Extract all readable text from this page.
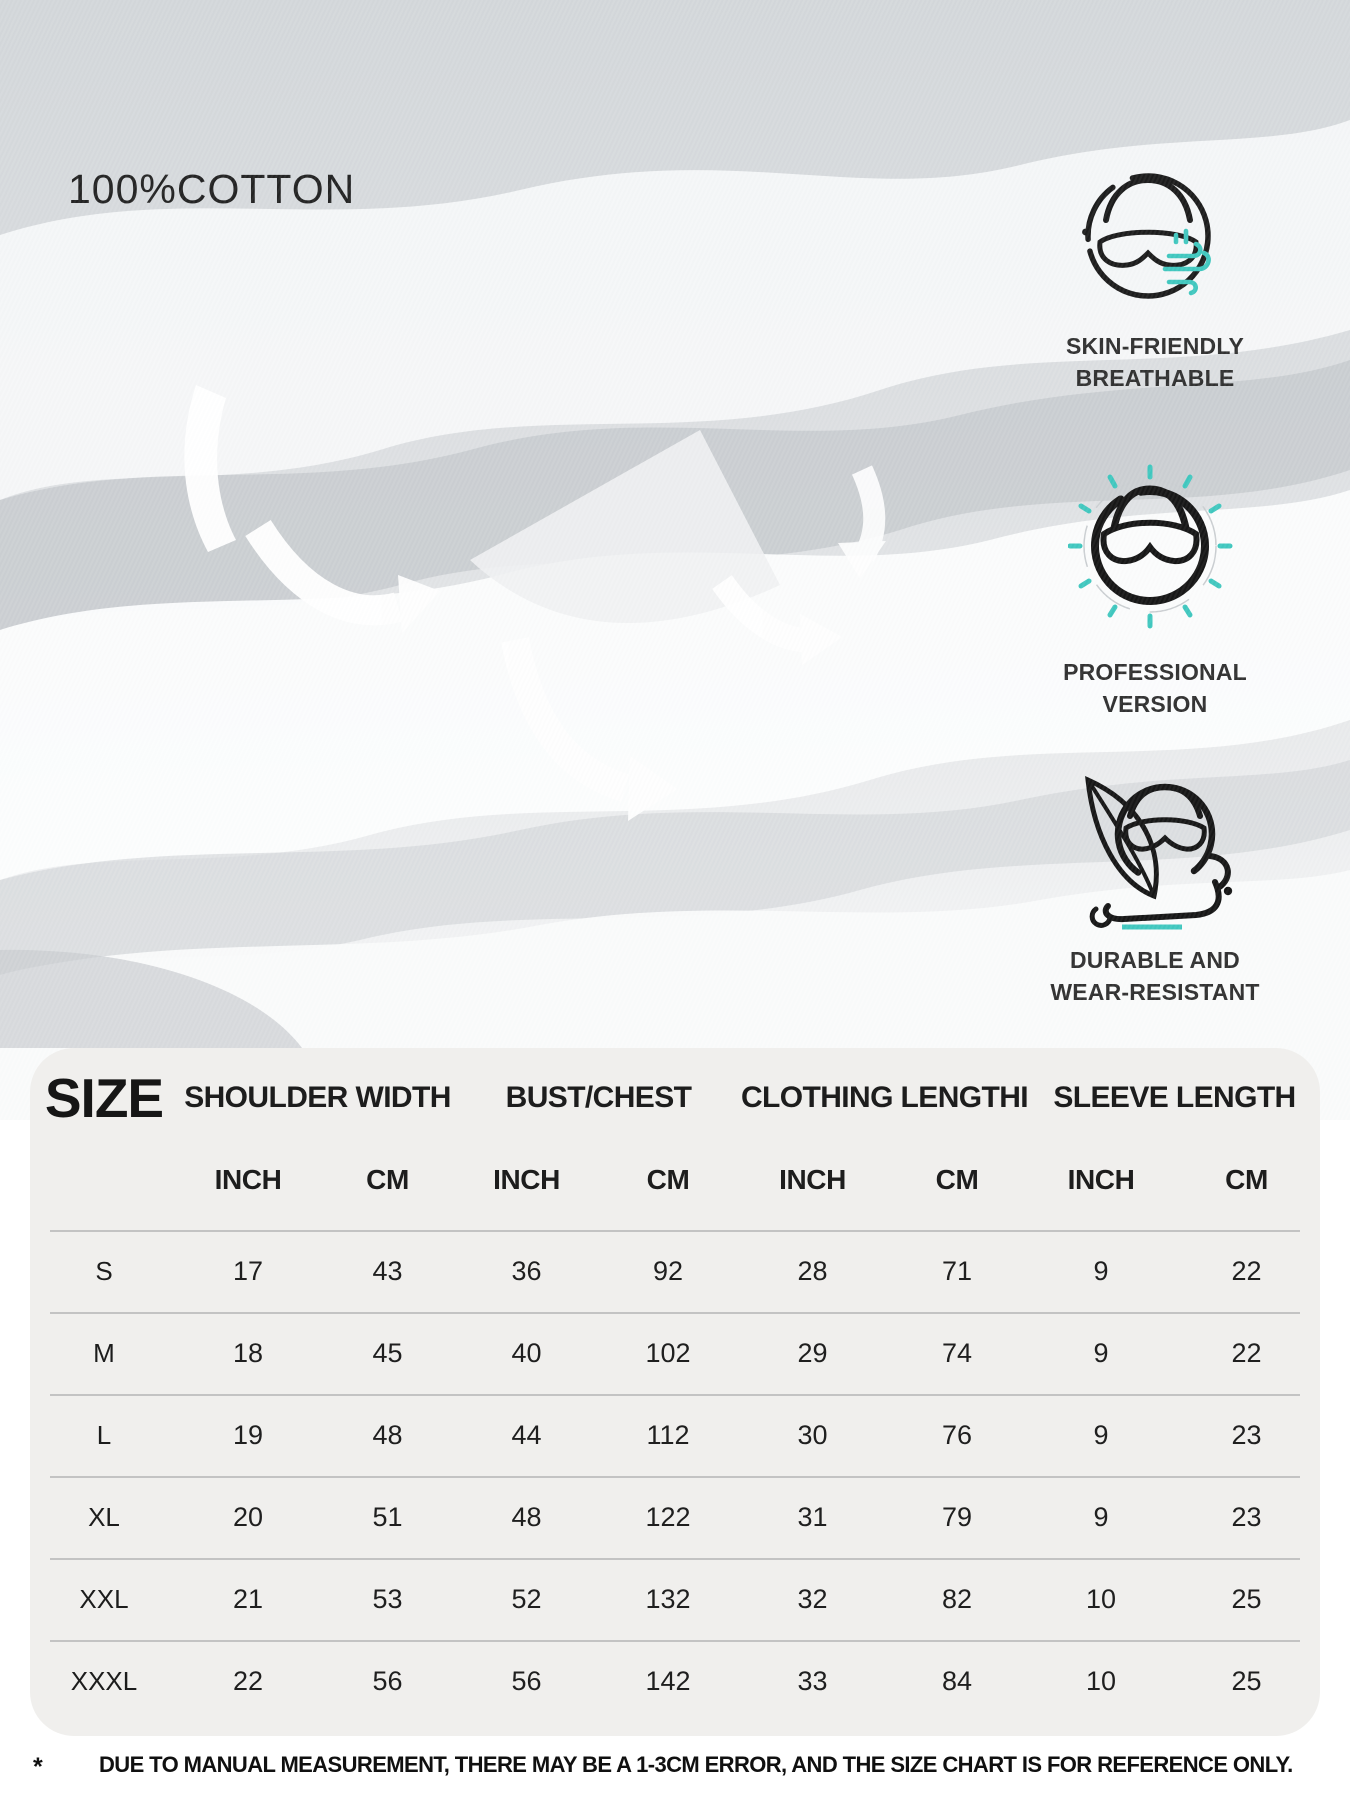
100%COTTON
SKIN-FRIENDLY
BREATHABLE
PROFESSIONAL
VERSION
DURABLE AND
WEAR-RESISTANT
SIZE SHOULDER WIDTH	BUST/CHEST	CLOTHING LENGTHI SLEEVE LENGTH
INCH	CM	INCH	CM	INCH	CM	INCH	CM
S	17	43	36	92	28	71	9	22
M	18	45	40	102	29	74	9	22
L	19	48	44	112	30	76	9	23
XL	20	51	48	122	31	79	9	23
XXL	21	53	52	132	32	82	10	25
XXXL	22	56	56	142	33	84	10	25
*	DUE TO MANUAL MEASUREMENT, THERE MAY BE A 1-3CM ERROR, AND THE SIZE CHART IS FOR REFERENCE ONLY.
